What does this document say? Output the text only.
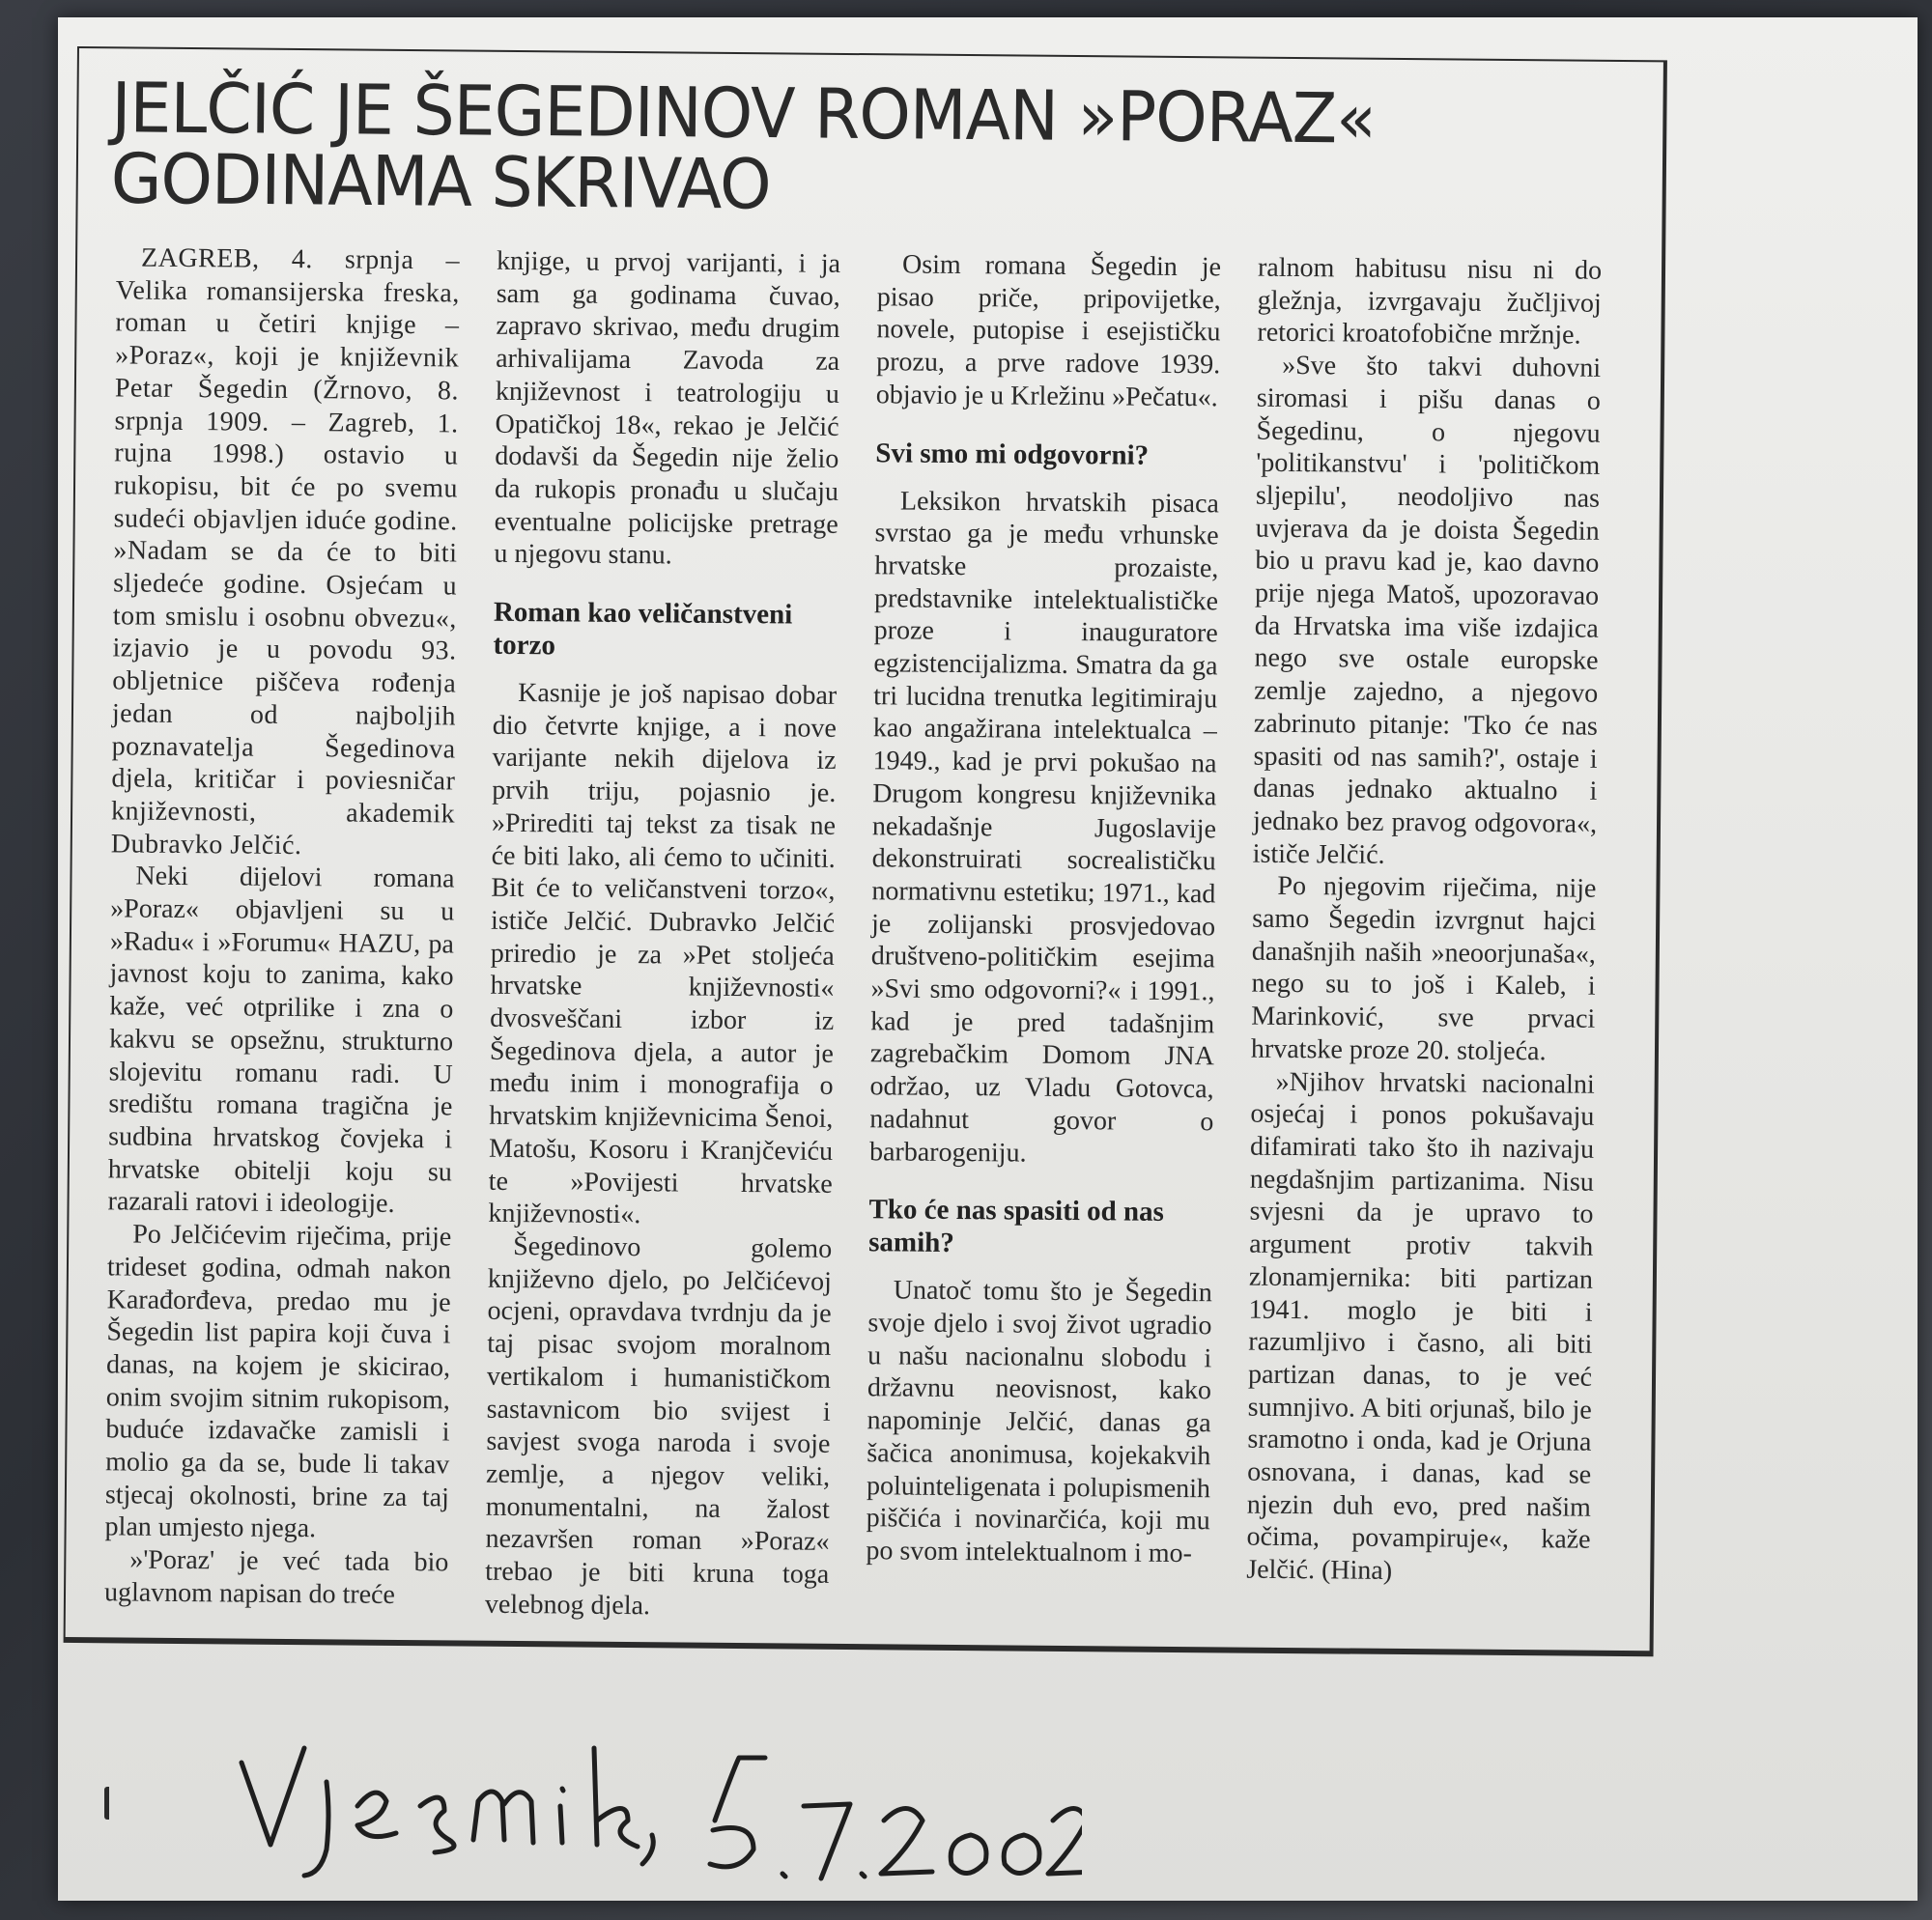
JELČIĆ JE ŠEGEDINOV ROMAN »PORAZ« GODINAMA SKRIVAO

ZAGREB, 4. srpnja – Velika romansijerska freska, roman u četiri knjige – »Poraz«, koji je književnik Petar Šegedin (Žrnovo, 8. srpnja 1909. – Zagreb, 1. rujna 1998.) ostavio u rukopisu, bit će po svemu sudeći objavljen iduće godine. »Nadam se da će to biti sljedeće godine. Osjećam u tom smislu i osobnu obvezu«, izjavio je u povodu 93. obljetnice piščeva rođenja jedan od najboljih poznavatelja Šegedinova djela, kritičar i poviesničar književnosti, akademik Dubravko Jelčić.

Neki dijelovi romana »Poraz« objavljeni su u »Radu« i »Forumu« HAZU, pa javnost koju to zanima, kako kaže, već otprilike i zna o kakvu se opsežnu, strukturno slojevitu romanu radi. U središtu romana tragična je sudbina hrvatskog čovjeka i hrvatske obitelji koju su razarali ratovi i ideologije.

Po Jelčićevim riječima, prije trideset godina, odmah nakon Karađorđeva, predao mu je Šegedin list papira koji čuva i danas, na kojem je skicirao, onim svojim sitnim rukopisom, buduće izdavačke zamisli i molio ga da se, bude li takav stjecaj okolnosti, brine za taj plan umjesto njega.

»'Poraz' je već tada bio uglavnom napisan do treće

knjige, u prvoj varijanti, i ja sam ga godinama čuvao, zapravo skrivao, među drugim arhivalijama Zavoda za književnost i teatrologiju u Opatičkoj 18«, rekao je Jelčić dodavši da Šegedin nije želio da rukopis pronađu u slučaju eventualne policijske pretrage u njegovu stanu.

Roman kao veličanstveni torzo

Kasnije je još napisao dobar dio četvrte knjige, a i nove varijante nekih dijelova iz prvih triju, pojasnio je. »Prirediti taj tekst za tisak ne će biti lako, ali ćemo to učiniti. Bit će to veličanstveni torzo«, ističe Jelčić. Dubravko Jelčić priredio je za »Pet stoljeća hrvatske književnosti« dvosveščani izbor iz Šegedinova djela, a autor je među inim i monografija o hrvatskim književnicima Šenoi, Matošu, Kosoru i Kranjčeviću te »Povijesti hrvatske književnosti«.

Šegedinovo golemo književno djelo, po Jelčićevoj ocjeni, opravdava tvrdnju da je taj pisac svojom moralnom vertikalom i humanističkom sastavnicom bio svijest i savjest svoga naroda i svoje zemlje, a njegov veliki, monumentalni, na žalost nezavršen roman »Poraz« trebao je biti kruna toga velebnog djela.

Osim romana Šegedin je pisao priče, pripovijetke, novele, putopise i esejističku prozu, a prve radove 1939. objavio je u Krležinu »Pečatu«.

Svi smo mi odgovorni?

Leksikon hrvatskih pisaca svrstao ga je među vrhunske hrvatske prozaiste, predstavnike intelektualističke proze i inauguratore egzistencijalizma. Smatra da ga tri lucidna trenutka legitimiraju kao angažirana intelektualca – 1949., kad je prvi pokušao na Drugom kongresu književnika nekadašnje Jugoslavije dekonstruirati socrealističku normativnu estetiku; 1971., kad je zolijanski prosvjedovao društveno-političkim esejima »Svi smo odgovorni?« i 1991., kad je pred tadašnjim zagrebačkim Domom JNA održao, uz Vladu Gotovca, nadahnut govor o barbarogeniju.

Tko će nas spasiti od nas samih?

Unatoč tomu što je Šegedin svoje djelo i svoj život ugradio u našu nacionalnu slobodu i državnu neovisnost, kako napominje Jelčić, danas ga šačica anonimusa, kojekakvih poluinteligenata i polupismenih piščića i novinarčića, koji mu po svom intelektualnom i mo-

ralnom habitusu nisu ni do gležnja, izvrgavaju žučljivoj retorici kroatofobične mržnje.

»Sve što takvi duhovni siromasi i pišu danas o Šegedinu, o njegovu 'politikanstvu' i 'političkom sljepilu', neodoljivo nas uvjerava da je doista Šegedin bio u pravu kad je, kao davno prije njega Matoš, upozoravao da Hrvatska ima više izdajica nego sve ostale europske zemlje zajedno, a njegovo zabrinuto pitanje: 'Tko će nas spasiti od nas samih?', ostaje i danas jednako aktualno i jednako bez pravog odgovora«, ističe Jelčić.

Po njegovim riječima, nije samo Šegedin izvrgnut hajci današnjih naših »neoorjunaša«, nego su to još i Kaleb, i Marinković, sve prvaci hrvatske proze 20. stoljeća.

»Njihov hrvatski nacionalni osjećaj i ponos pokušavaju difamirati tako što ih nazivaju negdašnjim partizanima. Nisu svjesni da je upravo to argument protiv takvih zlonamjernika: biti partizan 1941. moglo je biti i razumljivo i časno, ali biti partizan danas, to je već sumnjivo. A biti orjunaš, bilo je sramotno i onda, kad je Orjuna osnovana, i danas, kad se njezin duh evo, pred našim očima, povampiruje«, kaže Jelčić. (Hina)
